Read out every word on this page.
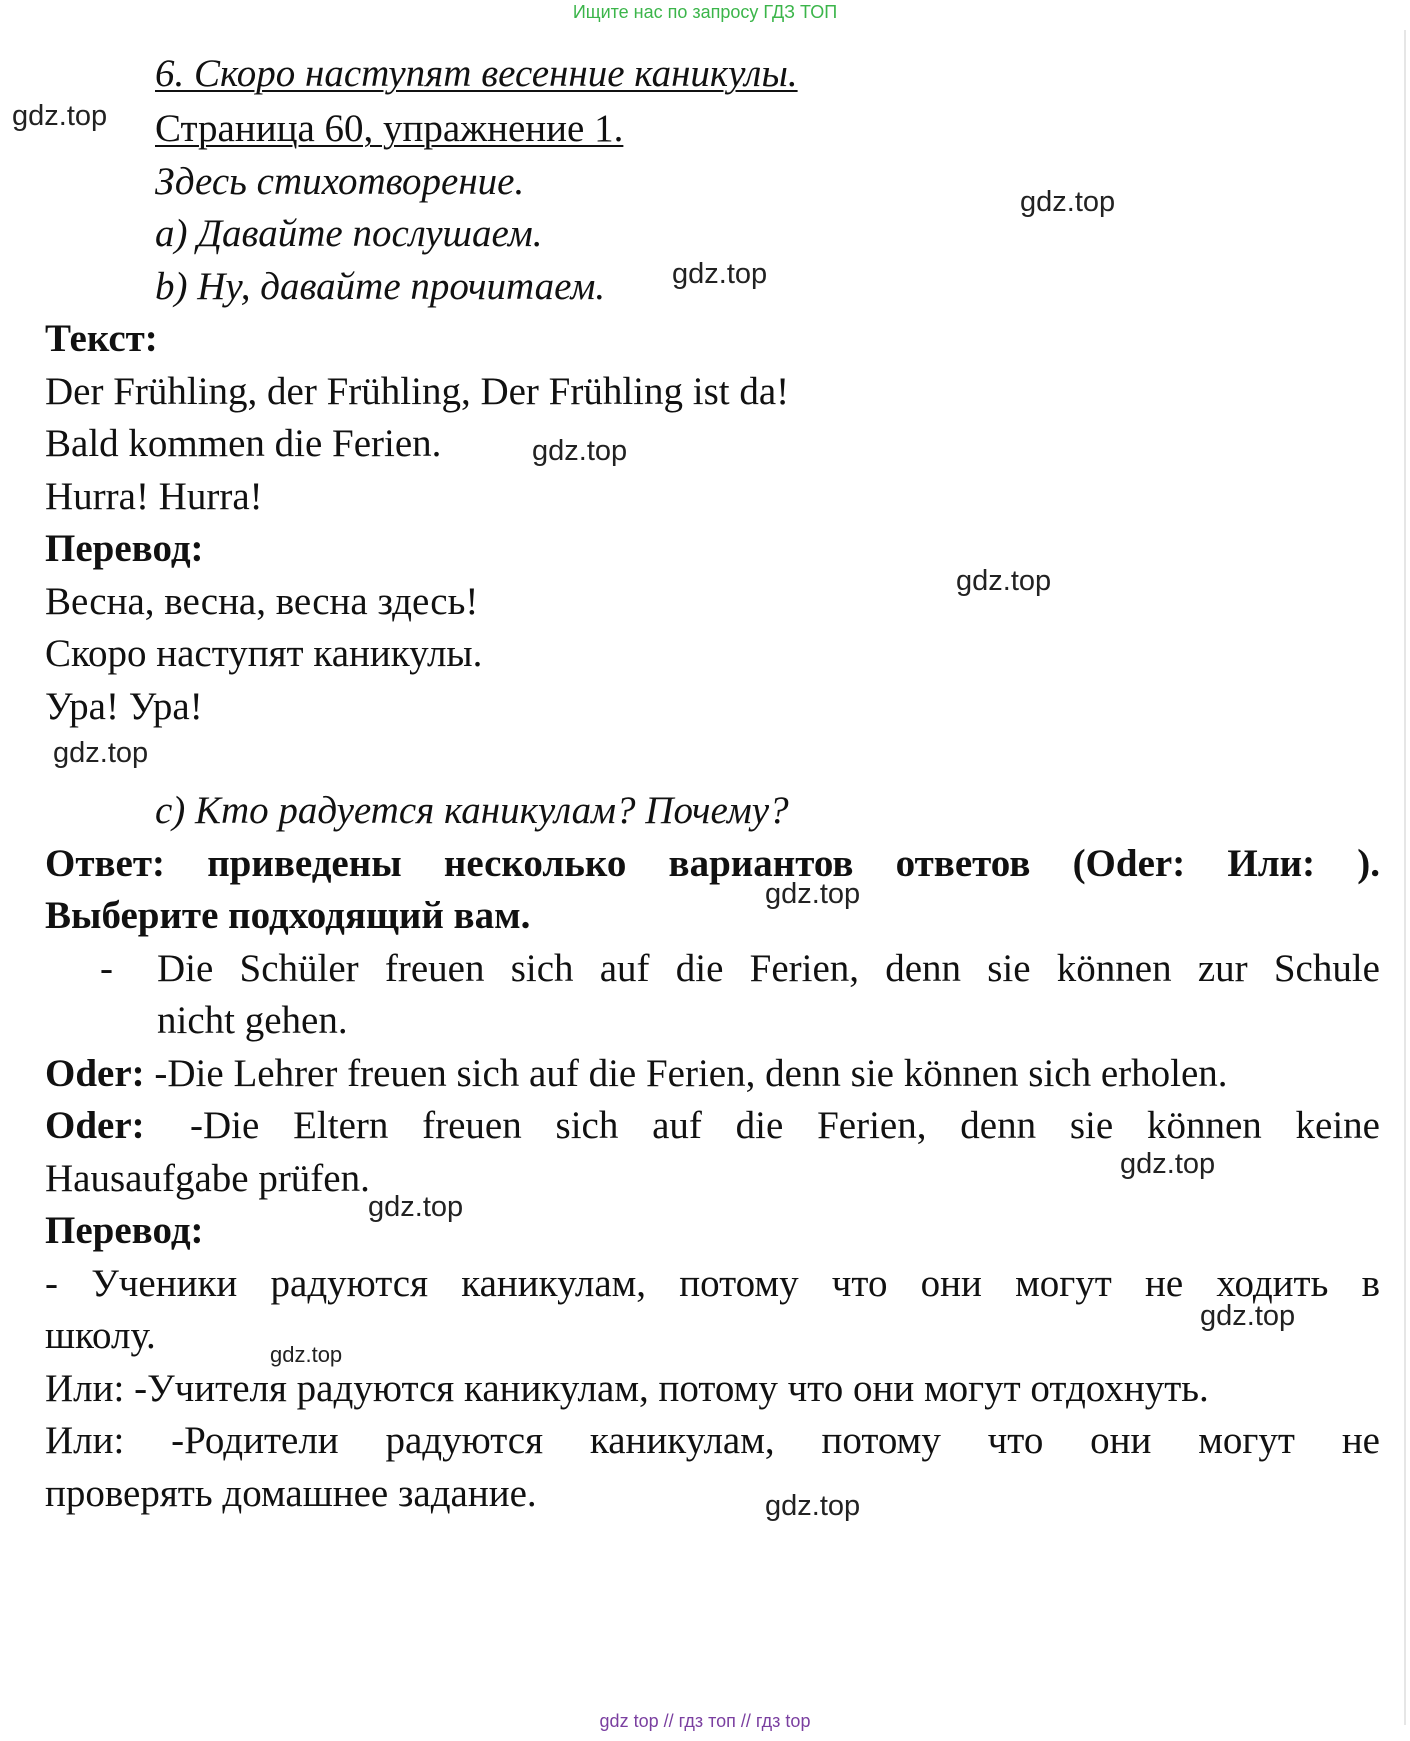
Ищите нас по запросу ГДЗ ТОП
6. Скоро наступят весенние каникулы.
Страница 60, упражнение 1.
Здесь стихотворение.
a) Давайте послушаем.
b) Ну, давайте прочитаем.
Текст:
Der Frühling, der Frühling, Der Frühling ist da!
Bald kommen die Ferien.
Hurra! Hurra!
Перевод:
Весна, весна, весна здесь!
Скоро наступят каникулы.
Ура! Ура!
c) Кто радуется каникулам? Почему?
Ответ: приведены несколько вариантов ответов (Oder: Или: ).
Выберите подходящий вам.
- Die Schüler freuen sich auf die Ferien, denn sie können zur Schule
nicht gehen.
Oder: -Die Lehrer freuen sich auf die Ferien, denn sie können sich erholen.
Oder: -Die Eltern freuen sich auf die Ferien, denn sie können keine
Hausaufgabe prüfen.
Перевод:
- Ученики радуются каникулам, потому что они могут не ходить в
школу.
Или: -Учителя радуются каникулам, потому что они могут отдохнуть.
Или: -Родители радуются каникулам, потому что они могут не
проверять домашнее задание.
gdz.top
gdz.top
gdz.top
gdz.top
gdz.top
gdz.top
gdz.top
gdz.top
gdz.top
gdz.top
gdz.top
gdz.top
gdz top // гдз топ // гдз top
